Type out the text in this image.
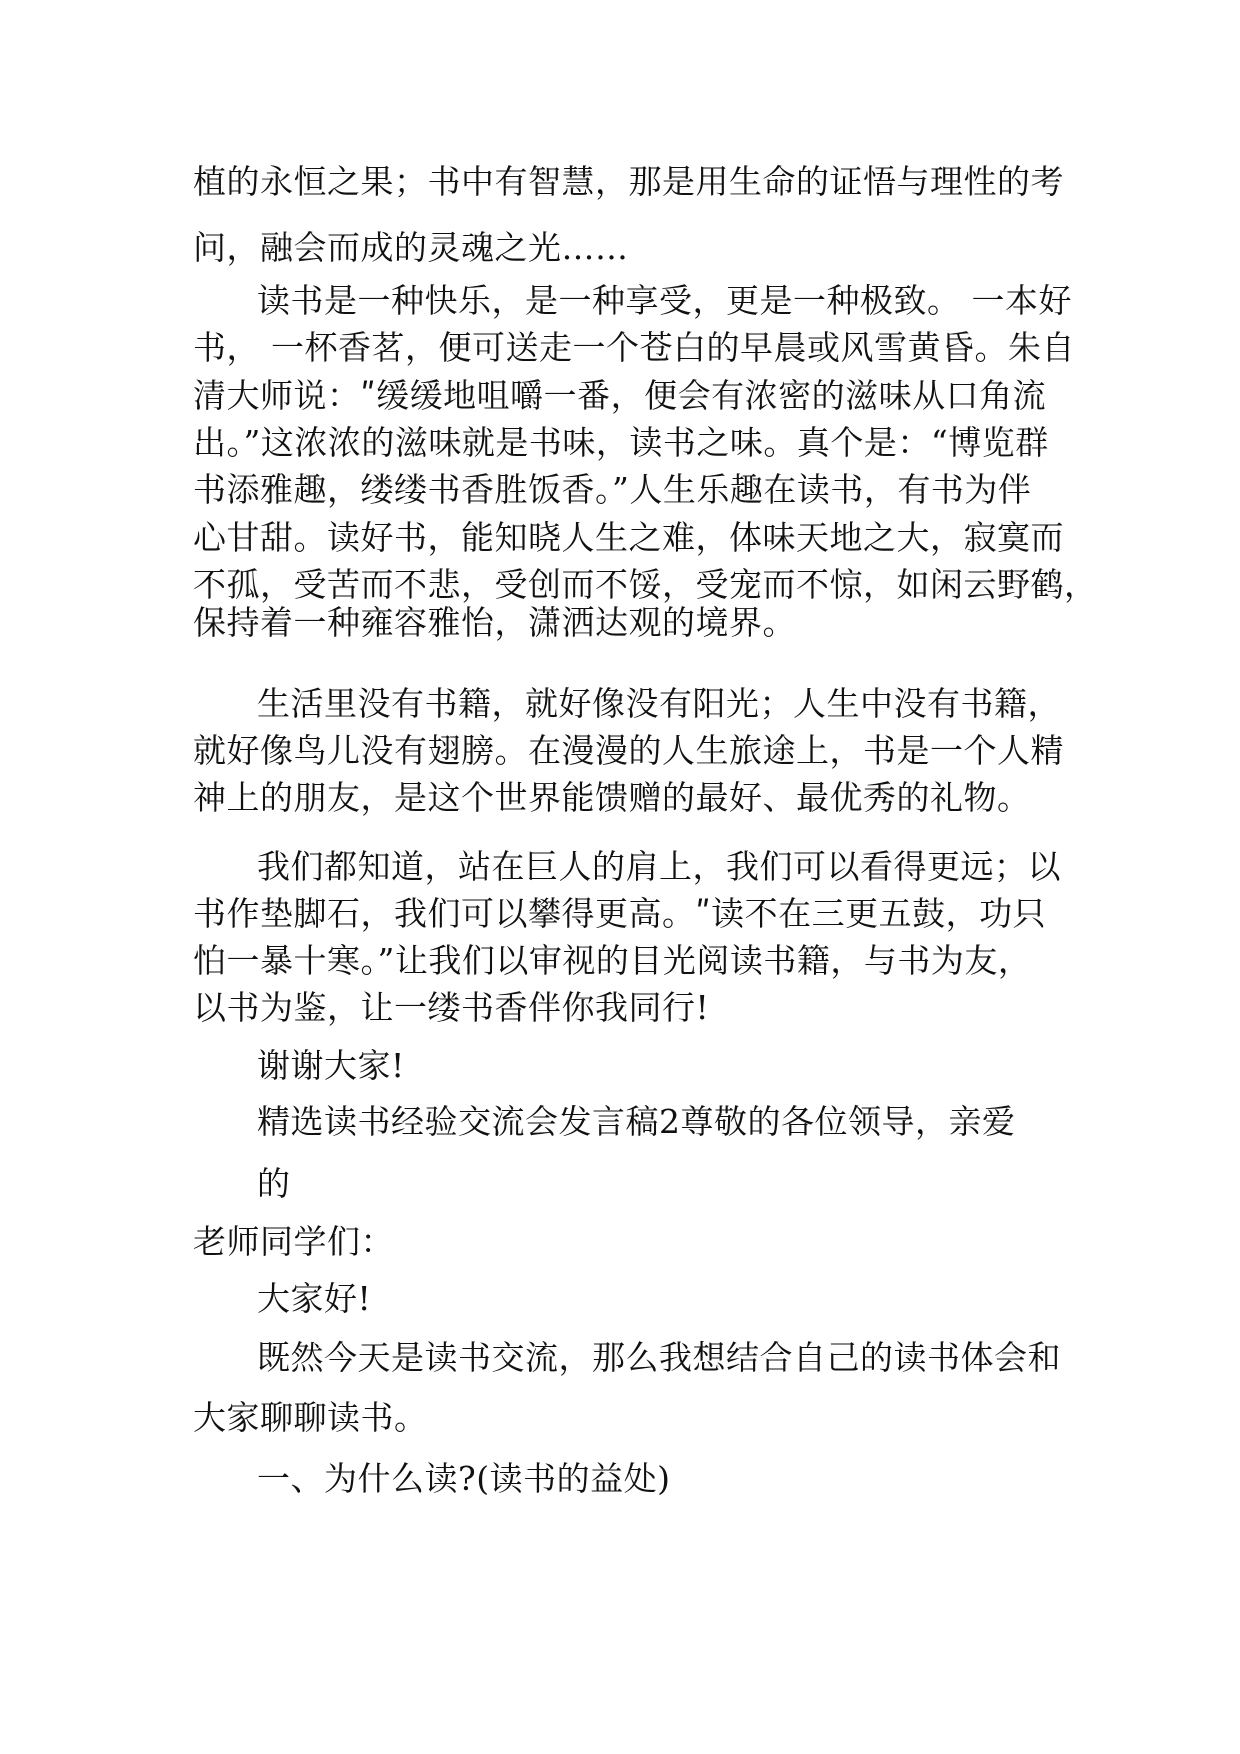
植的永恒之果；书中有智慧，那是用生命的证悟与理性的考

问，融会而成的灵魂之光……

读书是一种快乐，是一种享受，更是一种极致。 一本好

书， 一杯香茗，便可送走一个苍白的早晨或风雪黄昏。朱自

清大师说：ʺ缓缓地咀嚼一番，便会有浓密的滋味从口角流

出。”这浓浓的滋味就是书味，读书之味。真个是：“博览群

书添雅趣，缕缕书香胜饭香。”人生乐趣在读书，有书为伴

心甘甜。读好书，能知晓人生之难，体味天地之大，寂寞而

不孤，受苦而不悲，受创而不馁，受宠而不惊，如闲云野鹤，

保持着一种雍容雅怡，潇洒达观的境界。

生活里没有书籍，就好像没有阳光；人生中没有书籍，

就好像鸟儿没有翅膀。在漫漫的人生旅途上，书是一个人精

神上的朋友，是这个世界能馈赠的最好、最优秀的礼物。

我们都知道，站在巨人的肩上，我们可以看得更远；以

书作垫脚石，我们可以攀得更高。ʺ读不在三更五鼓，功只

怕一暴十寒。”让我们以审视的目光阅读书籍，与书为友，

以书为鉴，让一缕书香伴你我同行!

谢谢大家!

精选读书经验交流会发言稿2尊敬的各位领导，亲爱

的

老师同学们：

大家好!

既然今天是读书交流，那么我想结合自己的读书体会和

大家聊聊读书。

一、为什么读?(读书的益处)
